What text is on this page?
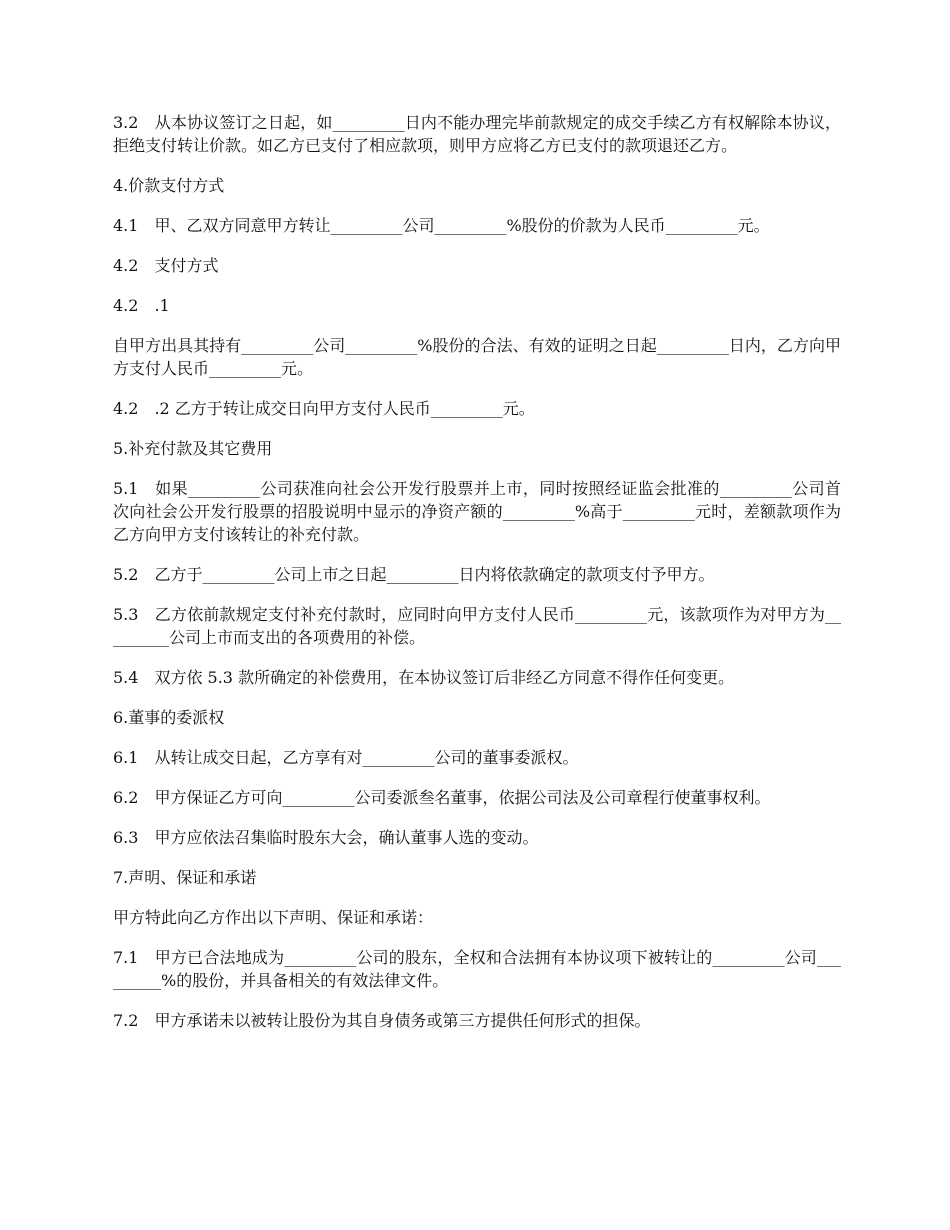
3.2　从本协议签订之日起，如_________日内不能办理完毕前款规定的成交手续乙方有权解除本协议，拒绝支付转让价款。如乙方已支付了相应款项，则甲方应将乙方已支付的款项退还乙方。

4.价款支付方式

4.1　甲、乙双方同意甲方转让_________公司_________%股份的价款为人民币_________元。

4.2　支付方式

4.2　.1

自甲方出具其持有_________公司_________%股份的合法、有效的证明之日起_________日内，乙方向甲方支付人民币_________元。

4.2　.2 乙方于转让成交日向甲方支付人民币_________元。

5.补充付款及其它费用

5.1　如果_________公司获准向社会公开发行股票并上市，同时按照经证监会批准的_________公司首次向社会公开发行股票的招股说明中显示的净资产额的_________%高于_________元时，差额款项作为乙方向甲方支付该转让的补充付款。

5.2　乙方于_________公司上市之日起_________日内将依款确定的款项支付予甲方。

5.3　乙方依前款规定支付补充付款时，应同时向甲方支付人民币_________元，该款项作为对甲方为_________公司上市而支出的各项费用的补偿。

5.4　双方依 5.3 款所确定的补偿费用，在本协议签订后非经乙方同意不得作任何变更。

6.董事的委派权

6.1　从转让成交日起，乙方享有对_________公司的董事委派权。

6.2　甲方保证乙方可向_________公司委派叁名董事，依据公司法及公司章程行使董事权利。

6.3　甲方应依法召集临时股东大会，确认董事人选的变动。

7.声明、保证和承诺

甲方特此向乙方作出以下声明、保证和承诺：

7.1　甲方已合法地成为_________公司的股东，全权和合法拥有本协议项下被转让的_________公司_________%的股份，并具备相关的有效法律文件。

7.2　甲方承诺未以被转让股份为其自身债务或第三方提供任何形式的担保。
